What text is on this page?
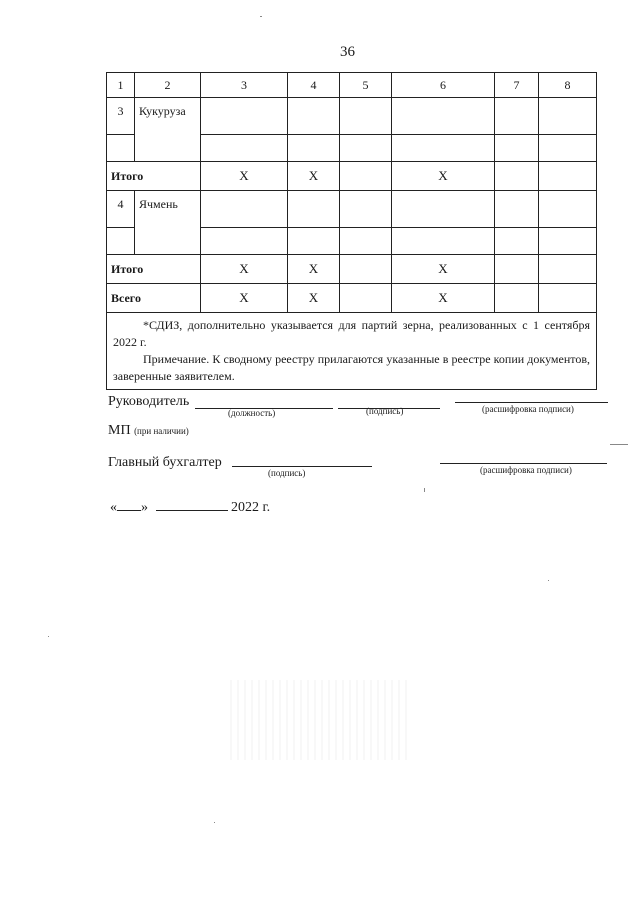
36
1	2	3	4	5	6	7	8
3	Кукуруза						

Итого		Х	Х		Х		
4	Ячмень						

Итого		Х	Х		Х		
Всего		Х	Х		Х		

*СДИЗ, дополнительно указывается для партий зерна, реализованных с 1 сентября 2022 г.

Примечание. К сводному реестру прилагаются указанные в реестре копии документов, заверенные заявителем.							

Руководитель
(должность)	(подпись)	(расшифровка подписи)
МП (при наличии)
Главный бухгалтер
(подпись)	(расшифровка подписи)
« »	2022 г.
